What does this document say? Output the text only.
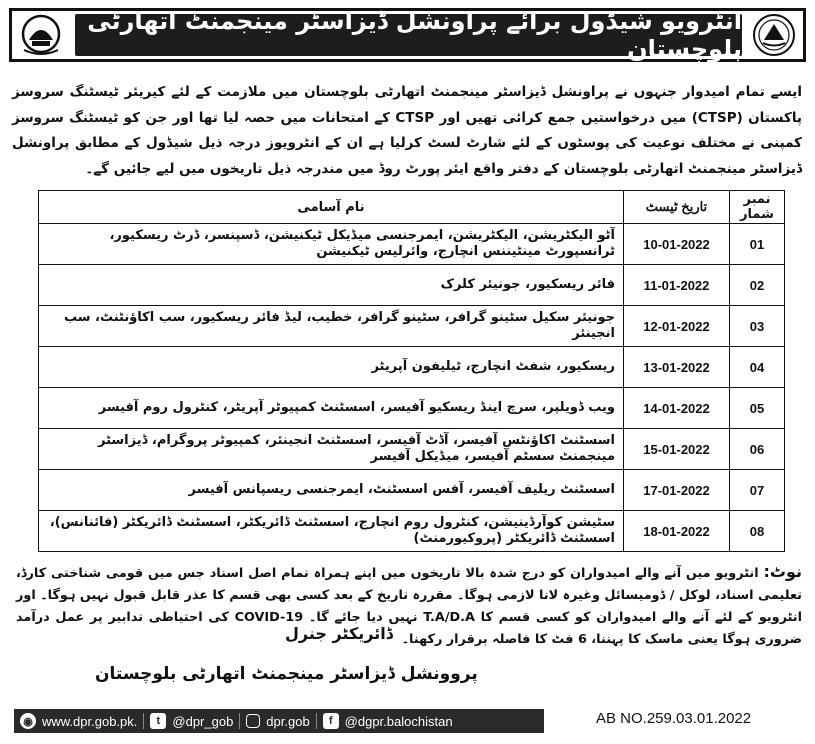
انٹرویو شیڈول برائے پراونشل ڈیزاسٹر مینجمنٹ اتھارٹی بلوچستان
ایسے تمام امیدوار جنہوں نے پراونشل ڈیزاسٹر مینجمنٹ اتھارٹی بلوچستان میں ملازمت کے لئے کیریئر ٹیسٹنگ سروسز پاکستان (CTSP) میں درخواستیں جمع کرائی تھیں اور CTSP کے امتحانات میں حصہ لیا تھا اور جن کو ٹیسٹنگ سروسز کمپنی نے مختلف نوعیت کی پوسٹوں کے لئے شارٹ لسٹ کرلیا ہے ان کے انٹرویوز درجہ ذیل شیڈول کے مطابق پراونشل ڈیزاسٹر مینجمنٹ اتھارٹی بلوچستان کے دفتر واقع ایئر پورٹ روڈ میں مندرجہ ذیل تاریخوں میں لیے جائیں گے۔
نمبر شمار	تاریخ ٹیسٹ	نام آسامی
01	10-01-2022	آٹو الیکٹریشن، الیکٹریشن، ایمرجنسی میڈیکل ٹیکنیشن، ڈسپنسر، ڈرٹ ریسکیور، ٹرانسپورٹ مینٹیننس انچارج، وائرلیس ٹیکنیشن
02	11-01-2022	فائر ریسکیور، جونیئر کلرک
03	12-01-2022	جونیئر سکیل سٹینو گرافر، سٹینو گرافر، خطیب، لیڈ فائر ریسکیور، سب اکاؤنٹنٹ، سب انجینئر
04	13-01-2022	ریسکیور، شفٹ انچارج، ٹیلیفون آپریٹر
05	14-01-2022	ویب ڈویلپر، سرچ اینڈ ریسکیو آفیسر، اسسٹنٹ کمپیوٹر آپریٹر، کنٹرول روم آفیسر
06	15-01-2022	اسسٹنٹ اکاؤنٹس آفیسر، آڈٹ آفیسر، اسسٹنٹ انجینئر، کمپیوٹر پروگرام، ڈیزاسٹر مینجمنٹ سسٹم آفیسر، میڈیکل آفیسر
07	17-01-2022	اسسٹنٹ ریلیف آفیسر، آفس اسسٹنٹ، ایمرجنسی ریسپانس آفیسر
08	18-01-2022	سٹیشن کوآرڈینیشن، کنٹرول روم انچارج، اسسٹنٹ ڈائریکٹر، اسسٹنٹ ڈائریکٹر (فائنانس)، اسسٹنٹ ڈائریکٹر (پروکیورمنٹ)
نوٹ: انٹرویو میں آنے والے امیدواران کو درج شدہ بالا تاریخوں میں اپنے ہمراہ تمام اصل اسناد جس میں قومی شناختی کارڈ، تعلیمی اسناد، لوکل / ڈومیسائل وغیرہ لانا لازمی ہوگا۔ مقررہ تاریخ کے بعد کسی بھی قسم کا عذر قابل قبول نہیں ہوگا۔ اور انٹرویو کے لئے آنے والے امیدواران کو کسی قسم کا T.A/D.A نہیں دیا جائے گا۔ COVID-19 کی احتیاطی تدابیر پر عمل درآمد ضروری ہوگا یعنی ماسک کا پہننا، 6 فٹ کا فاصلہ برقرار رکھنا۔
ڈائریکٹر جنرل
پروونشل ڈیزاسٹر مینجمنٹ اتھارٹی بلوچستان
◉ www.dpr.gob.pk.	t @dpr_gob	dpr.gob	f @dgpr.balochistan	AB NO.259.03.01.2022
